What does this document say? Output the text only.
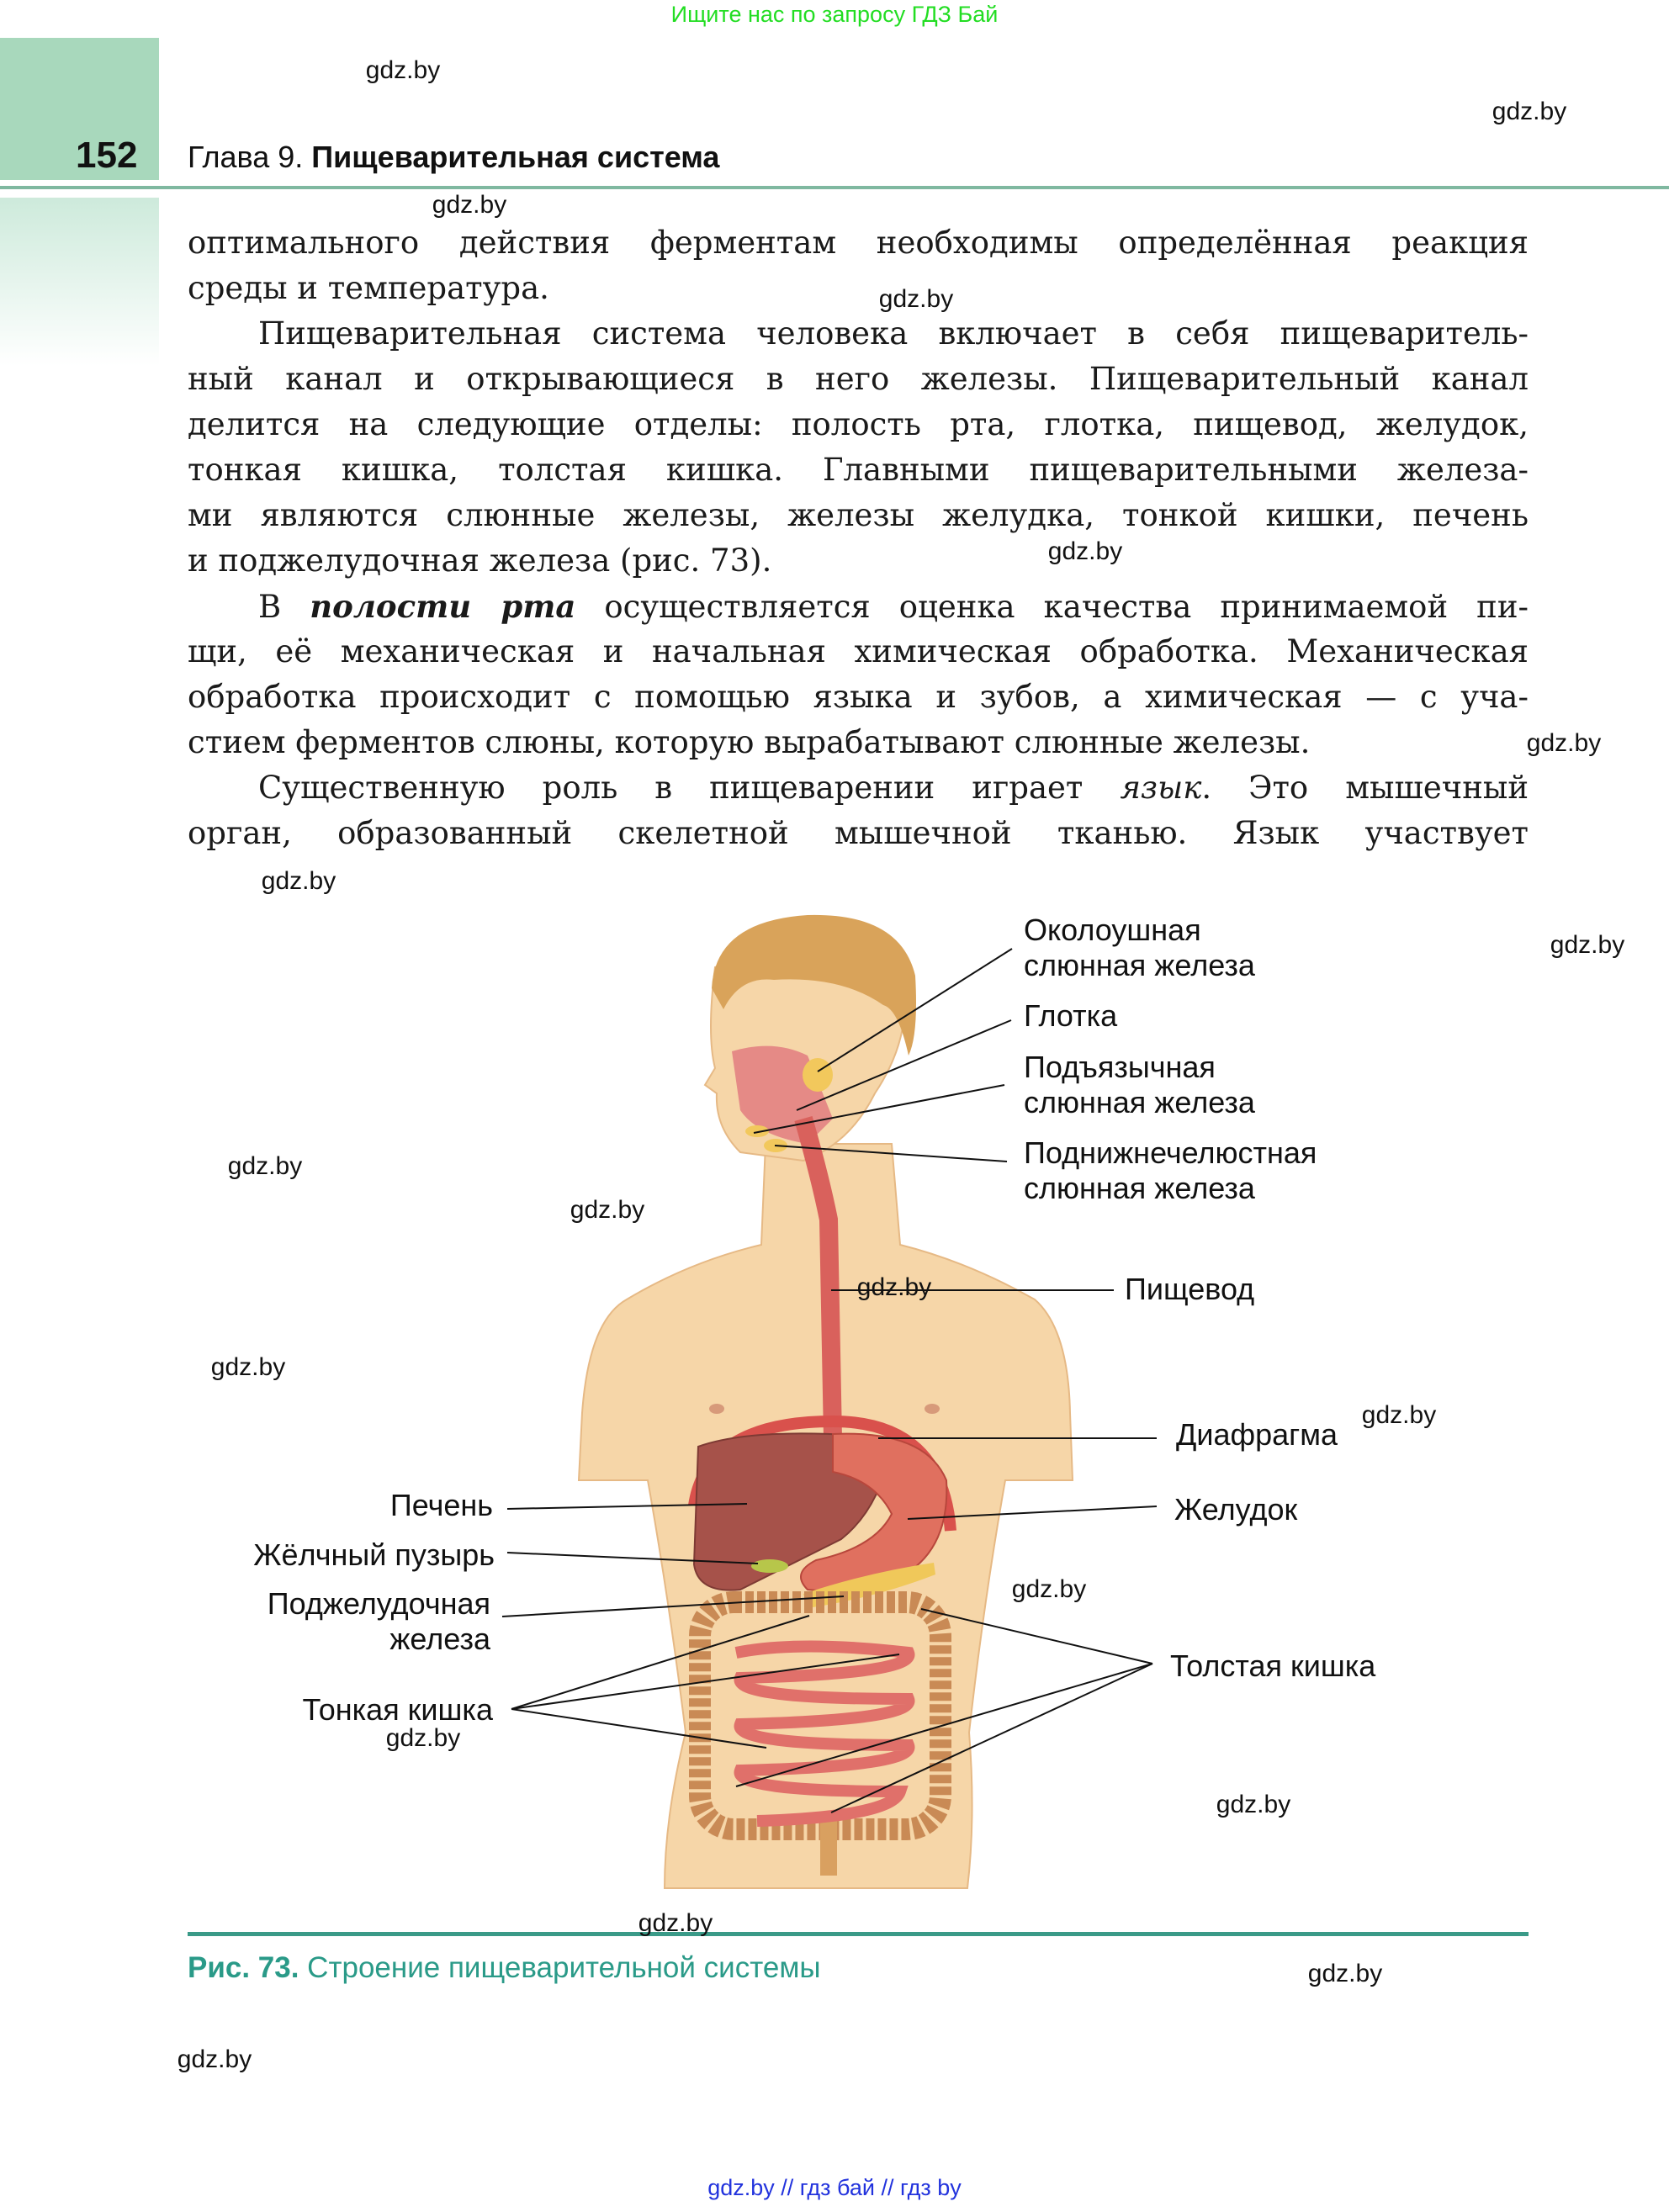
Ищите нас по запросу ГДЗ Бай
152 Глава 9. Пищеварительная система
оптимального действия ферментам необходимы определённая реакция
среды и температура.
Пищеварительная система человека включает в себя пищеваритель-
ный канал и открывающиеся в него железы. Пищеварительный канал
делится на следующие отделы: полость рта, глотка, пищевод, желудок,
тонкая кишка, толстая кишка. Главными пищеварительными железа-
ми являются слюнные железы, железы желудка, тонкой кишки, печень
и поджелудочная железа (рис. 73).
В полости рта осуществляется оценка качества принимаемой пи-
щи, её механическая и начальная химическая обработка. Механическая
обработка происходит с помощью языка и зубов, а химическая — с уча-
стием ферментов слюны, которую вырабатывают слюнные железы.
Существенную роль в пищеварении играет язык. Это мышечный
орган, образованный скелетной мышечной тканью. Язык участвует
Околоушная
слюнная железа
Глотка
Подъязычная
слюнная железа
Поднижнечелюстная
слюнная железа
Пищевод
Диафрагма
Желудок
Толстая кишка
Печень
Жёлчный пузырь
Поджелудочная
железа
Тонкая кишка
Рис. 73. Строение пищеварительной системы
gdz.by
gdz.by
gdz.by
gdz.by
gdz.by
gdz.by
gdz.by
gdz.by
gdz.by
gdz.by
gdz.by
gdz.by
gdz.by
gdz.by
gdz.by
gdz.by
gdz.by
gdz.by
gdz.by
gdz.by // гдз бай // гдз by
